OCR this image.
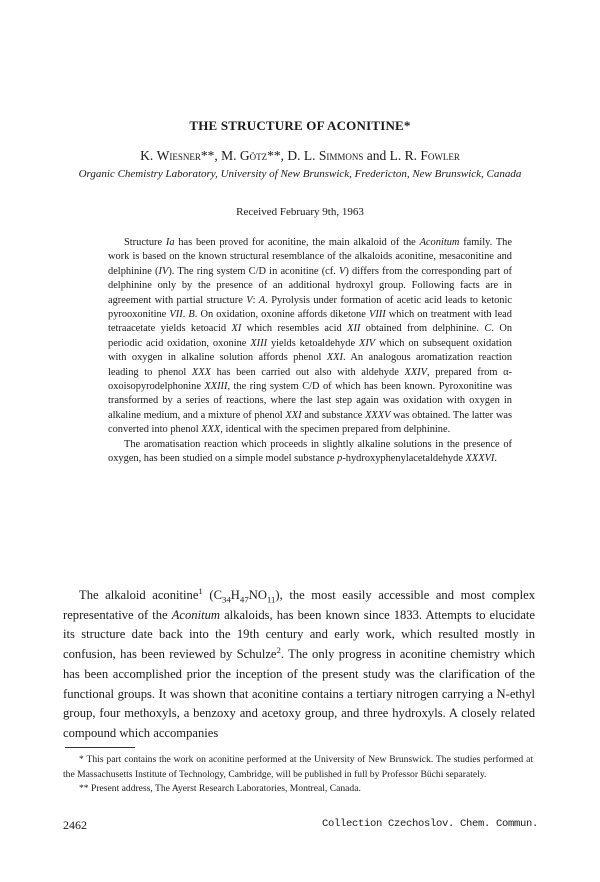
THE STRUCTURE OF ACONITINE*
K. Wiesner**, M. Götz**, D. L. Simmons and L. R. Fowler
Organic Chemistry Laboratory, University of New Brunswick, Fredericton, New Brunswick, Canada
Received February 9th, 1963

Structure Ia has been proved for aconitine, the main alkaloid of the Aconitum family. The work is based on the known structural resemblance of the alkaloids aconitine, mesaconitine and delphinine (IV). The ring system C/D in aconitine (cf. V) differs from the corresponding part of delphinine only by the presence of an additional hydroxyl group. Following facts are in agreement with partial structure V: A. Pyrolysis under formation of acetic acid leads to ketonic pyrooxonitine VII. B. On oxidation, oxonine affords diketone VIII which on treatment with lead tetraacetate yields ketoacid XI which resembles acid XII obtained from delphinine. C. On periodic acid oxidation, oxonine XIII yields ketoaldehyde XIV which on subsequent oxidation with oxygen in alkaline solution affords phenol XXI. An analogous aromatization reaction leading to phenol XXX has been carried out also with aldehyde XXIV, prepared from α-oxoisopyrodelphonine XXIII, the ring system C/D of which has been known. Pyroxonitine was transformed by a series of reactions, where the last step again was oxidation with oxygen in alkaline medium, and a mixture of phenol XXI and substance XXXV was obtained. The latter was converted into phenol XXX, identical with the specimen prepared from delphinine.

The aromatisation reaction which proceeds in slightly alkaline solutions in the presence of oxygen, has been studied on a simple model substance p-hydroxyphenylacetaldehyde XXXVI.

The alkaloid aconitine$^1$ $(C_{34}H_{47}NO_{11})$, the most easily accessible and most complex representative of the Aconitum alkaloids, has been known since 1833. Attempts to elucidate its structure date back into the 19th century and early work, which resulted mostly in confusion, has been reviewed by Schulze$^2$. The only progress in aconitine chemistry which has been accomplished prior the inception of the present study was the clarification of the functional groups. It was shown that aconitine contains a tertiary nitrogen carrying a N-ethyl group, four methoxyls, a benzoxy and acetoxy group, and three hydroxyls. A closely related compound which accompanies

* This part contains the work on aconitine performed at the University of New Brunswick. The studies performed at the Massachusetts Institute of Technology, Cambridge, will be published in full by Professor Büchi separately.

** Present address, The Ayerst Research Laboratories, Montreal, Canada.

2462	Collection Czechoslov. Chem. Commun.
